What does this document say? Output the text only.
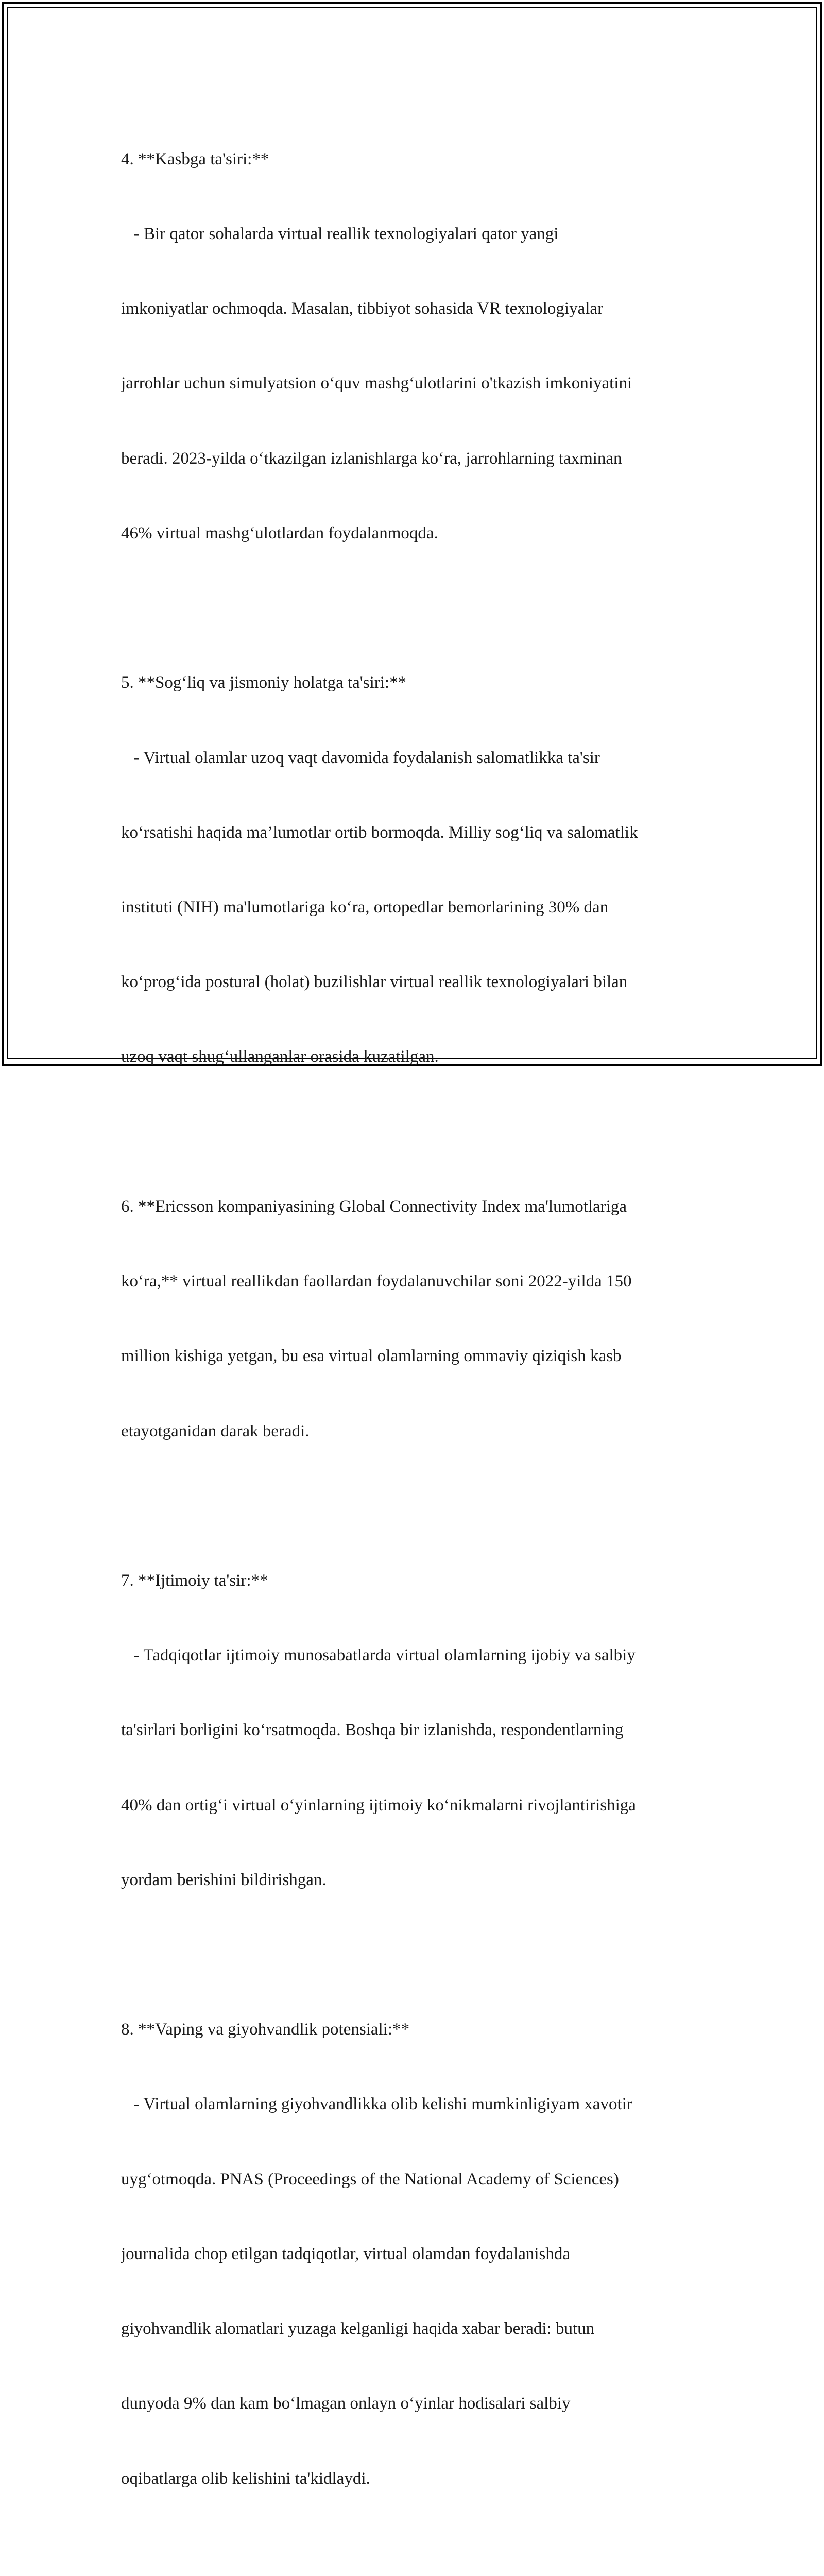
4. **Kasbga ta'siri:**

- Bir qator sohalarda virtual reallik texnologiyalari qator yangi

imkoniyatlar ochmoqda. Masalan, tibbiyot sohasida VR texnologiyalar

jarrohlar uchun simulyatsion o‘quv mashg‘ulotlarini o'tkazish imkoniyatini

beradi. 2023-yilda o‘tkazilgan izlanishlarga ko‘ra, jarrohlarning taxminan

46% virtual mashg‘ulotlardan foydalanmoqda.

5. **Sog‘liq va jismoniy holatga ta'siri:**

- Virtual olamlar uzoq vaqt davomida foydalanish salomatlikka ta'sir

ko‘rsatishi haqida ma’lumotlar ortib bormoqda. Milliy sog‘liq va salomatlik

instituti (NIH) ma'lumotlariga ko‘ra, ortopedlar bemorlarining 30% dan

ko‘prog‘ida postural (holat) buzilishlar virtual reallik texnologiyalari bilan

uzoq vaqt shug‘ullanganlar orasida kuzatilgan.

6. **Ericsson kompaniyasining Global Connectivity Index ma'lumotlariga

ko‘ra,** virtual reallikdan faollardan foydalanuvchilar soni 2022-yilda 150

million kishiga yetgan, bu esa virtual olamlarning ommaviy qiziqish kasb

etayotganidan darak beradi.

7. **Ijtimoiy ta'sir:**

- Tadqiqotlar ijtimoiy munosabatlarda virtual olamlarning ijobiy va salbiy

ta'sirlari borligini ko‘rsatmoqda. Boshqa bir izlanishda, respondentlarning

40% dan ortig‘i virtual o‘yinlarning ijtimoiy ko‘nikmalarni rivojlantirishiga

yordam berishini bildirishgan.

8. **Vaping va giyohvandlik potensiali:**

- Virtual olamlarning giyohvandlikka olib kelishi mumkinligiyam xavotir

uyg‘otmoqda. PNAS (Proceedings of the National Academy of Sciences)

journalida chop etilgan tadqiqotlar, virtual olamdan foydalanishda

giyohvandlik alomatlari yuzaga kelganligi haqida xabar beradi: butun

dunyoda 9% dan kam bo‘lmagan onlayn o‘yinlar hodisalari salbiy

oqibatlarga olib kelishini ta'kidlaydi.
